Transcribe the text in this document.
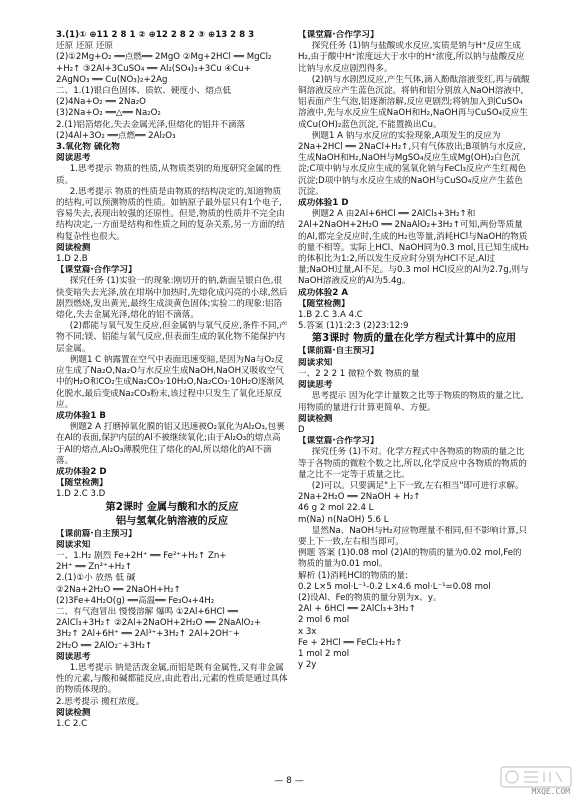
3.(1)① ⊕11 2 8 1 ② ⊕12 2 8 2 ③ ⊕13 2 8 3
还原 还原 还原
(2)①2Mg+O₂ ══点燃══ 2MgO ②Mg+2HCl ══ MgCl₂
+H₂↑ ③2Al+3CuSO₄ ══ Al₂(SO₄)₃+3Cu ④Cu+
2AgNO₃ ══ Cu(NO₃)₂+2Ag
二、1.(1)银白色固体、质软、硬度小、熔点低
(2)4Na+O₂ ══ 2Na₂O
(3)2Na+O₂ ══△══ Na₂O₂
2.(1)铝箔熔化,失去金属光泽,但熔化的铝并不滴落
(2)4Al+3O₂ ══点燃══ 2Al₂O₃
3.氧化物 硫化物
阅读思考
1.思考提示 物质的性质,从物质类别的角度研究金属的性质。
2.思考提示 物质的性质是由物质的结构决定的,知道物质的结构,可以预测物质的性质。如钠原子最外层只有1个电子,容易失去,表现出较强的还原性。但是,物质的性质并不完全由结构决定,一方面是结构和性质之间的复杂关系,另一方面的结构复杂性也很大。
阅读检测
1.D 2.B
【课堂篇·合作学习】
探究任务 (1)实验一的现象:刚切开的钠,新面呈银白色,很快变暗失去光泽,放在坩埚中加热时,先熔化成闪亮的小球,然后剧烈燃烧,发出黄光,最终生成淡黄色固体;实验二的现象:铝箔熔化,失去金属光泽,熔化的铝不滴落。
(2)都能与氧气发生反应,但金属钠与氧气反应,条件不同,产物不同;镁、铝能与氧气反应,但表面生成的氧化物不能保护内层金属。
例题1 C 钠露置在空气中表面迅速变暗,是因为Na与O₂反应生成了Na₂O,Na₂O与水反应生成NaOH,NaOH又吸收空气中的H₂O和CO₂生成Na₂CO₃·10H₂O,Na₂CO₃·10H₂O逐渐风化脱水,最后变成Na₂CO₃粉末,该过程中只发生了氧化还原反应。
成功体验1 B
例题2 A 打磨掉氧化膜的铝又迅速被O₂氧化为Al₂O₃,包裹在Al的表面,保护内层的Al不被继续氧化;由于Al₂O₃的熔点高于Al的熔点,Al₂O₃薄膜兜住了熔化的Al,所以熔化的Al不滴落。
成功体验2 D
【随堂检测】
1.D 2.C 3.D
第2课时 金属与酸和水的反应
铝与氢氧化钠溶液的反应
【课前篇·自主预习】
阅读求知
一、1.H₂ 剧烈 Fe+2H⁺ ══ Fe²⁺+H₂↑ Zn+
2H⁺ ══ Zn²⁺+H₂↑
2.(1)①小 放热 低 碱
②2Na+2H₂O ══ 2NaOH+H₂↑
(2)3Fe+4H₂O(g) ══高温══ Fe₃O₄+4H₂
二、有气泡冒出 慢慢溶解 爆鸣 ①2Al+6HCl ══
2AlCl₃+3H₂↑ ②2Al+2NaOH+2H₂O ══ 2NaAlO₂+
3H₂↑ 2Al+6H⁺ ══ 2Al³⁺+3H₂↑ 2Al+2OH⁻+
2H₂O ══ 2AlO₂⁻+3H₂↑
阅读思考
1.思考提示 钠是活泼金属,而铝是既有金属性,又有非金属性的元素,与酸和碱都能反应,由此看出,元素的性质是通过具体的物质体现的。
2.思考提示 搬杠浓度。
阅读检测
1.C 2.C
【课堂篇·合作学习】
探究任务 (1)钠与盐酸或水反应,实质是钠与H⁺反应生成H₂,由于酸中H⁺浓度远大于水中的H⁺浓度,所以钠与盐酸反应比钠与水反应剧烈得多。
(2)钠与水剧烈反应,产生气体,滴入酚酞溶液变红,再与硫酸铜溶液反应产生蓝色沉淀。将钠和铝分别放入NaOH溶液中,铝表面产生气泡,铝逐渐溶解,反应更剧烈;将钠加入到CuSO₄溶液中,先与水反应生成NaOH和H₂,NaOH再与CuSO₄反应生成Cu(OH)₂蓝色沉淀,不能置换出Cu。
例题1 A 钠与水反应的实验现象,A项发生的反应为2Na+2HCl ══ 2NaCl+H₂↑,只有气体放出;B项钠与水反应,生成NaOH和H₂,NaOH与MgSO₄反应生成Mg(OH)₂白色沉淀;C项中钠与水反应生成的氢氧化钠与FeCl₃反应产生红褐色沉淀;D项中钠与水反应生成的NaOH与CuSO₄反应产生蓝色沉淀。
成功体验1 D
例题2 A 由2Al+6HCl ══ 2AlCl₃+3H₂↑和2Al+2NaOH+2H₂O ══ 2NaAlO₂+3H₂↑可知,两份等质量的Al,都完全反应时,生成的H₂也等量,消耗HCl与NaOH的物质的量不相等。实际上HCl、NaOH同为0.3 mol,且已知生成H₂的体积比为1:2,所以发生反应时分别为HCl不足,Al过量;NaOH过量,Al不足。与0.3 mol HCl反应的Al为2.7g,则与NaOH溶液反应的Al为5.4g。
成功体验2 A
【随堂检测】
1.B 2.C 3.A 4.C
5.答案 (1)1:2:3 (2)23:12:9
第3课时 物质的量在化学方程式计算中的应用
【课前篇·自主预习】
阅读求知
一、2 2 2 1 微粒个数 物质的量
阅读思考
思考提示 因为化学计量数之比等于物质的物质的量之比,用物质的量进行计算更简单、方便。
阅读检测
D
【课堂篇·合作学习】
探究任务 (1)不对。化学方程式中各物质的物质的量之比等于各物质的微粒个数之比,所以,化学反应中各物质的物质的量之比不一定等于质量之比。
(2)可以。只要满足"上下一致,左右相当"即可进行求解。
2Na+2H₂O ══ 2NaOH + H₂↑
46 g 2 mol 22.4 L
m(Na) n(NaOH) 5.6 L
显然Na、NaOH与H₂对应物理量不相同,但不影响计算,只要上下一致,左右相当即可。
例题 答案 (1)0.08 mol (2)Al的物质的量为0.02 mol,Fe的物质的量为0.01 mol。
解析 (1)消耗HCl的物质的量:
0.2 L×5 mol·L⁻¹-0.2 L×4.6 mol·L⁻¹=0.08 mol
(2)设Al、Fe的物质的量分别为x、y。
2Al + 6HCl ══ 2AlCl₃+3H₂↑
2 mol 6 mol
x 3x
Fe + 2HCl ══ FeCl₂+H₂↑
1 mol 2 mol
y 2y
— 8 —
MXQE.COM
